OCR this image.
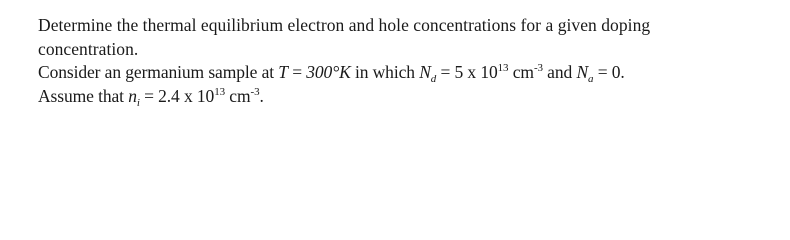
Determine the thermal equilibrium electron and hole concentrations for a given doping
concentration.
Consider an germanium sample at T = 300°K in which $N_d = 5$ x $10^{13}$ $cm^{-3}$ and $N_a = 0$.
Assume that $n_i = 2.4$ x $10^{13}$ $cm^{-3}$.
